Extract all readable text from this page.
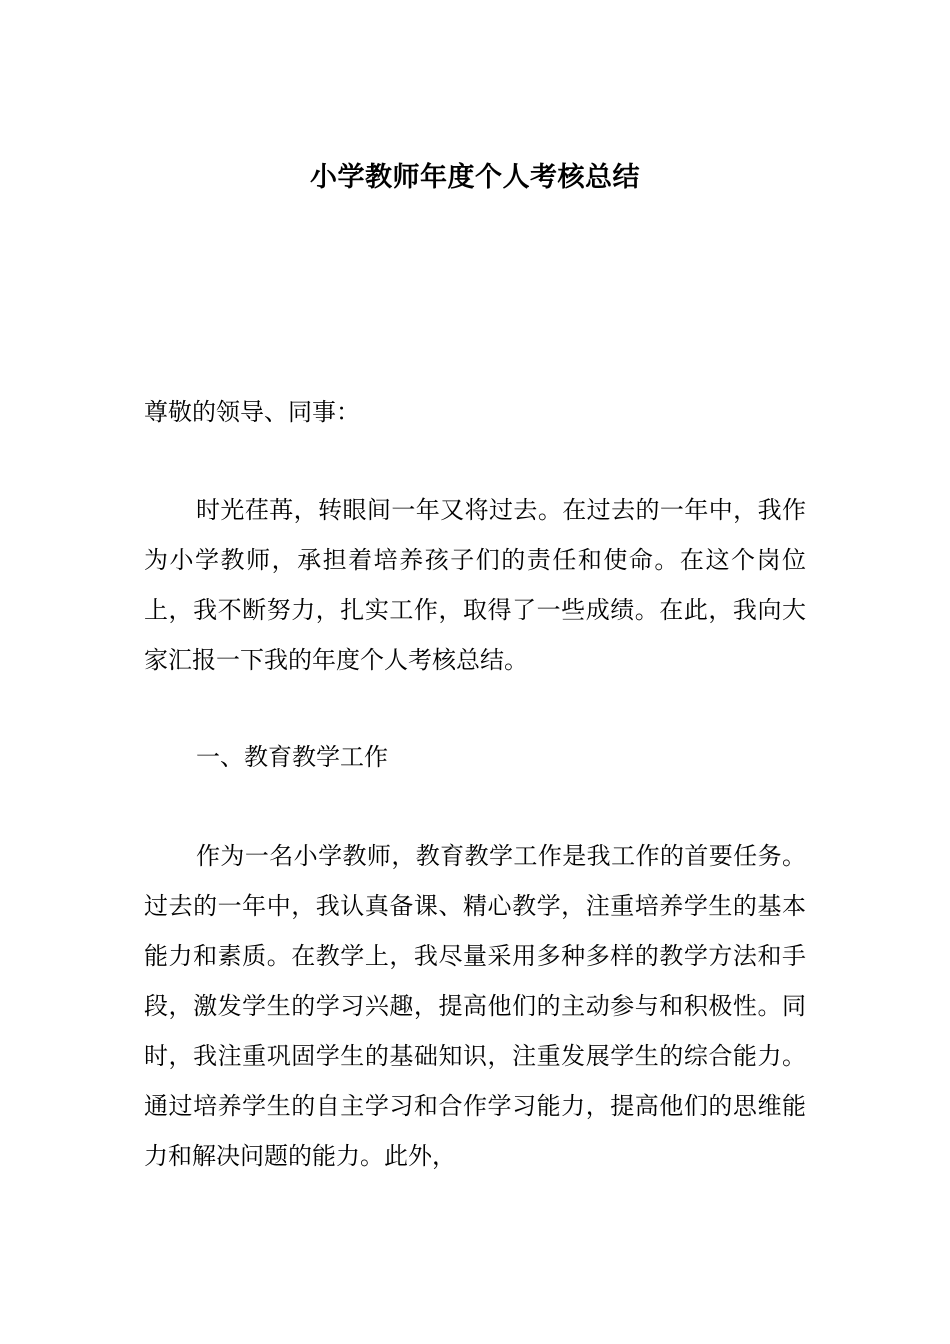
小学教师年度个人考核总结

尊敬的领导、同事：

时光荏苒，转眼间一年又将过去。在过去的一年中，我作为小学教师，承担着培养孩子们的责任和使命。在这个岗位上，我不断努力，扎实工作，取得了一些成绩。在此，我向大家汇报一下我的年度个人考核总结。

一、教育教学工作

作为一名小学教师，教育教学工作是我工作的首要任务。过去的一年中，我认真备课、精心教学，注重培养学生的基本能力和素质。在教学上，我尽量采用多种多样的教学方法和手段，激发学生的学习兴趣，提高他们的主动参与和积极性。同时，我注重巩固学生的基础知识，注重发展学生的综合能力。通过培养学生的自主学习和合作学习能力，提高他们的思维能力和解决问题的能力。此外，
